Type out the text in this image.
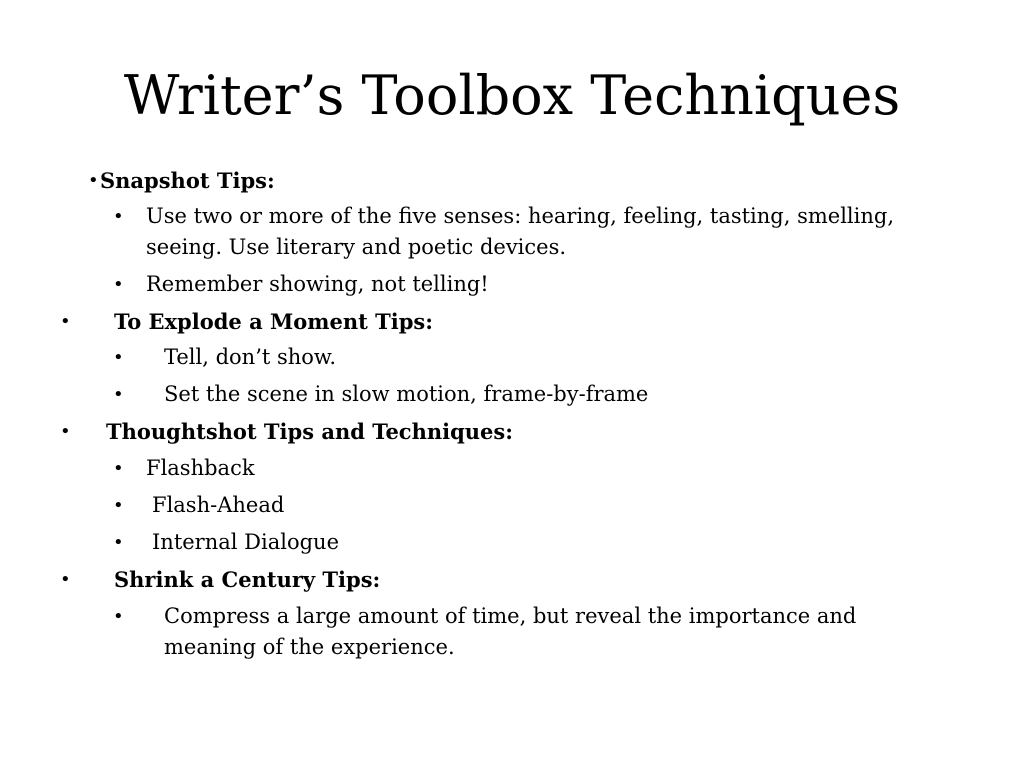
Writer’s Toolbox Techniques
• Snapshot Tips:
• Use two or more of the five senses: hearing, feeling, tasting, smelling, seeing. Use literary and poetic devices.
• Remember showing, not telling!
• To Explode a Moment Tips:
• Tell, don’t show.
• Set the scene in slow motion, frame-by-frame
• Thoughtshot Tips and Techniques:
• Flashback
• Flash-Ahead
• Internal Dialogue
• Shrink a Century Tips:
• Compress a large amount of time, but reveal the importance and meaning of the experience.
